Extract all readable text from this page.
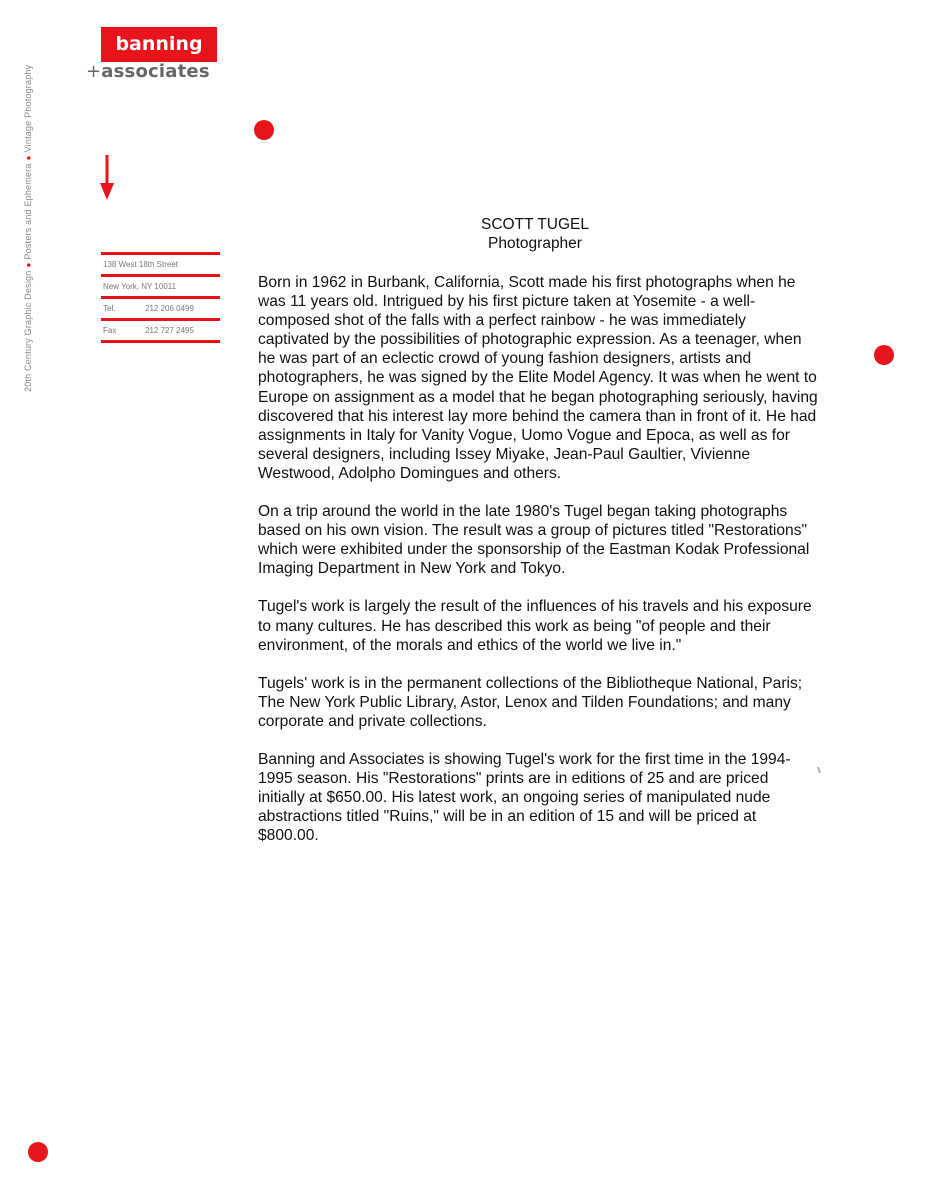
20th Century Graphic Design●Posters and Ephemera●Vintage Photography
banning
+associates
138 West 18th Street
New York, NY 10011
Tel.	212 206 0499
Fax	212 727 2495
SCOTT TUGEL
Photographer

Born in 1962 in Burbank, California, Scott made his first photographs when he was 11 years old. Intrigued by his first picture taken at Yosemite - a well-composed shot of the falls with a perfect rainbow - he was immediately captivated by the possibilities of photographic expression. As a teenager, when he was part of an eclectic crowd of young fashion designers, artists and photographers, he was signed by the Elite Model Agency. It was when he went to Europe on assignment as a model that he began photographing seriously, having discovered that his interest lay more behind the camera than in front of it. He had assignments in Italy for Vanity Vogue, Uomo Vogue and Epoca, as well as for several designers, including Issey Miyake, Jean-Paul Gaultier, Vivienne Westwood, Adolpho Domingues and others.

On a trip around the world in the late 1980's Tugel began taking photographs based on his own vision. The result was a group of pictures titled "Restorations" which were exhibited under the sponsorship of the Eastman Kodak Professional Imaging Department in New York and Tokyo.

Tugel's work is largely the result of the influences of his travels and his exposure to many cultures. He has described this work as being "of people and their environment, of the morals and ethics of the world we live in."

Tugels' work is in the permanent collections of the Bibliotheque National, Paris; The New York Public Library, Astor, Lenox and Tilden Foundations; and many corporate and private collections.

Banning and Associates is showing Tugel's work for the first time in the 1994-1995 season. His "Restorations" prints are in editions of 25 and are priced initially at $650.00. His latest work, an ongoing series of manipulated nude abstractions titled "Ruins," will be in an edition of 15 and will be priced at $800.00.
